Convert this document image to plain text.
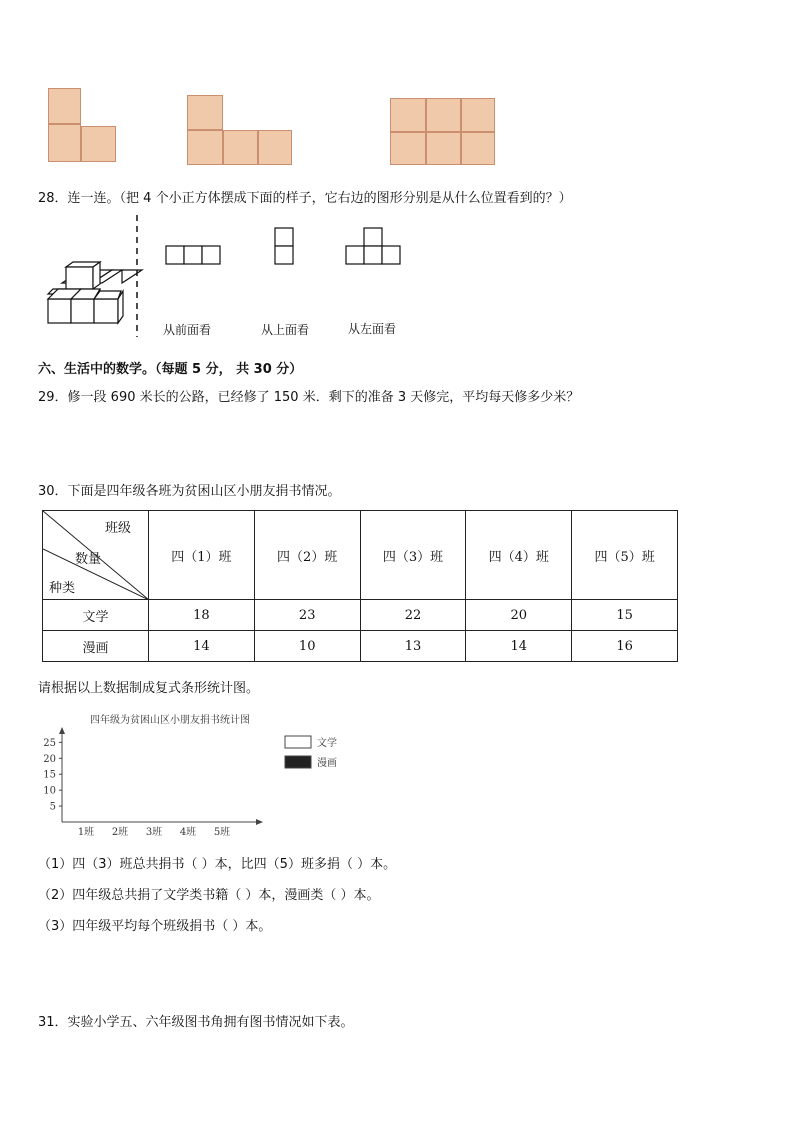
28．连一连。（把 4 个小正方体摆成下面的样子，它右边的图形分别是从什么位置看到的？）
从前面看	从上面看	从左面看
六、生活中的数学。（每题 5 分， 共 30 分）
29．修一段 690 米长的公路，已经修了 150 米．剩下的准备 3 天修完，平均每天修多少米？
30．下面是四年级各班为贫困山区小朋友捐书情况。
班级
数量
种类	四（1）班	四（2）班	四（3）班	四（4）班	四（5）班
文学	18	23	22	20	15
漫画	14	10	13	14	16
请根据以上数据制成复式条形统计图。
四年级为贫困山区小朋友捐书统计图
5
10
15
20
25
1班 2班 3班 4班 5班
文学
漫画
（1）四（3）班总共捐书（ ）本，比四（5）班多捐（ ）本。
（2）四年级总共捐了文学类书籍（ ）本，漫画类（ ）本。
（3）四年级平均每个班级捐书（ ）本。
31．实验小学五、六年级图书角拥有图书情况如下表。
